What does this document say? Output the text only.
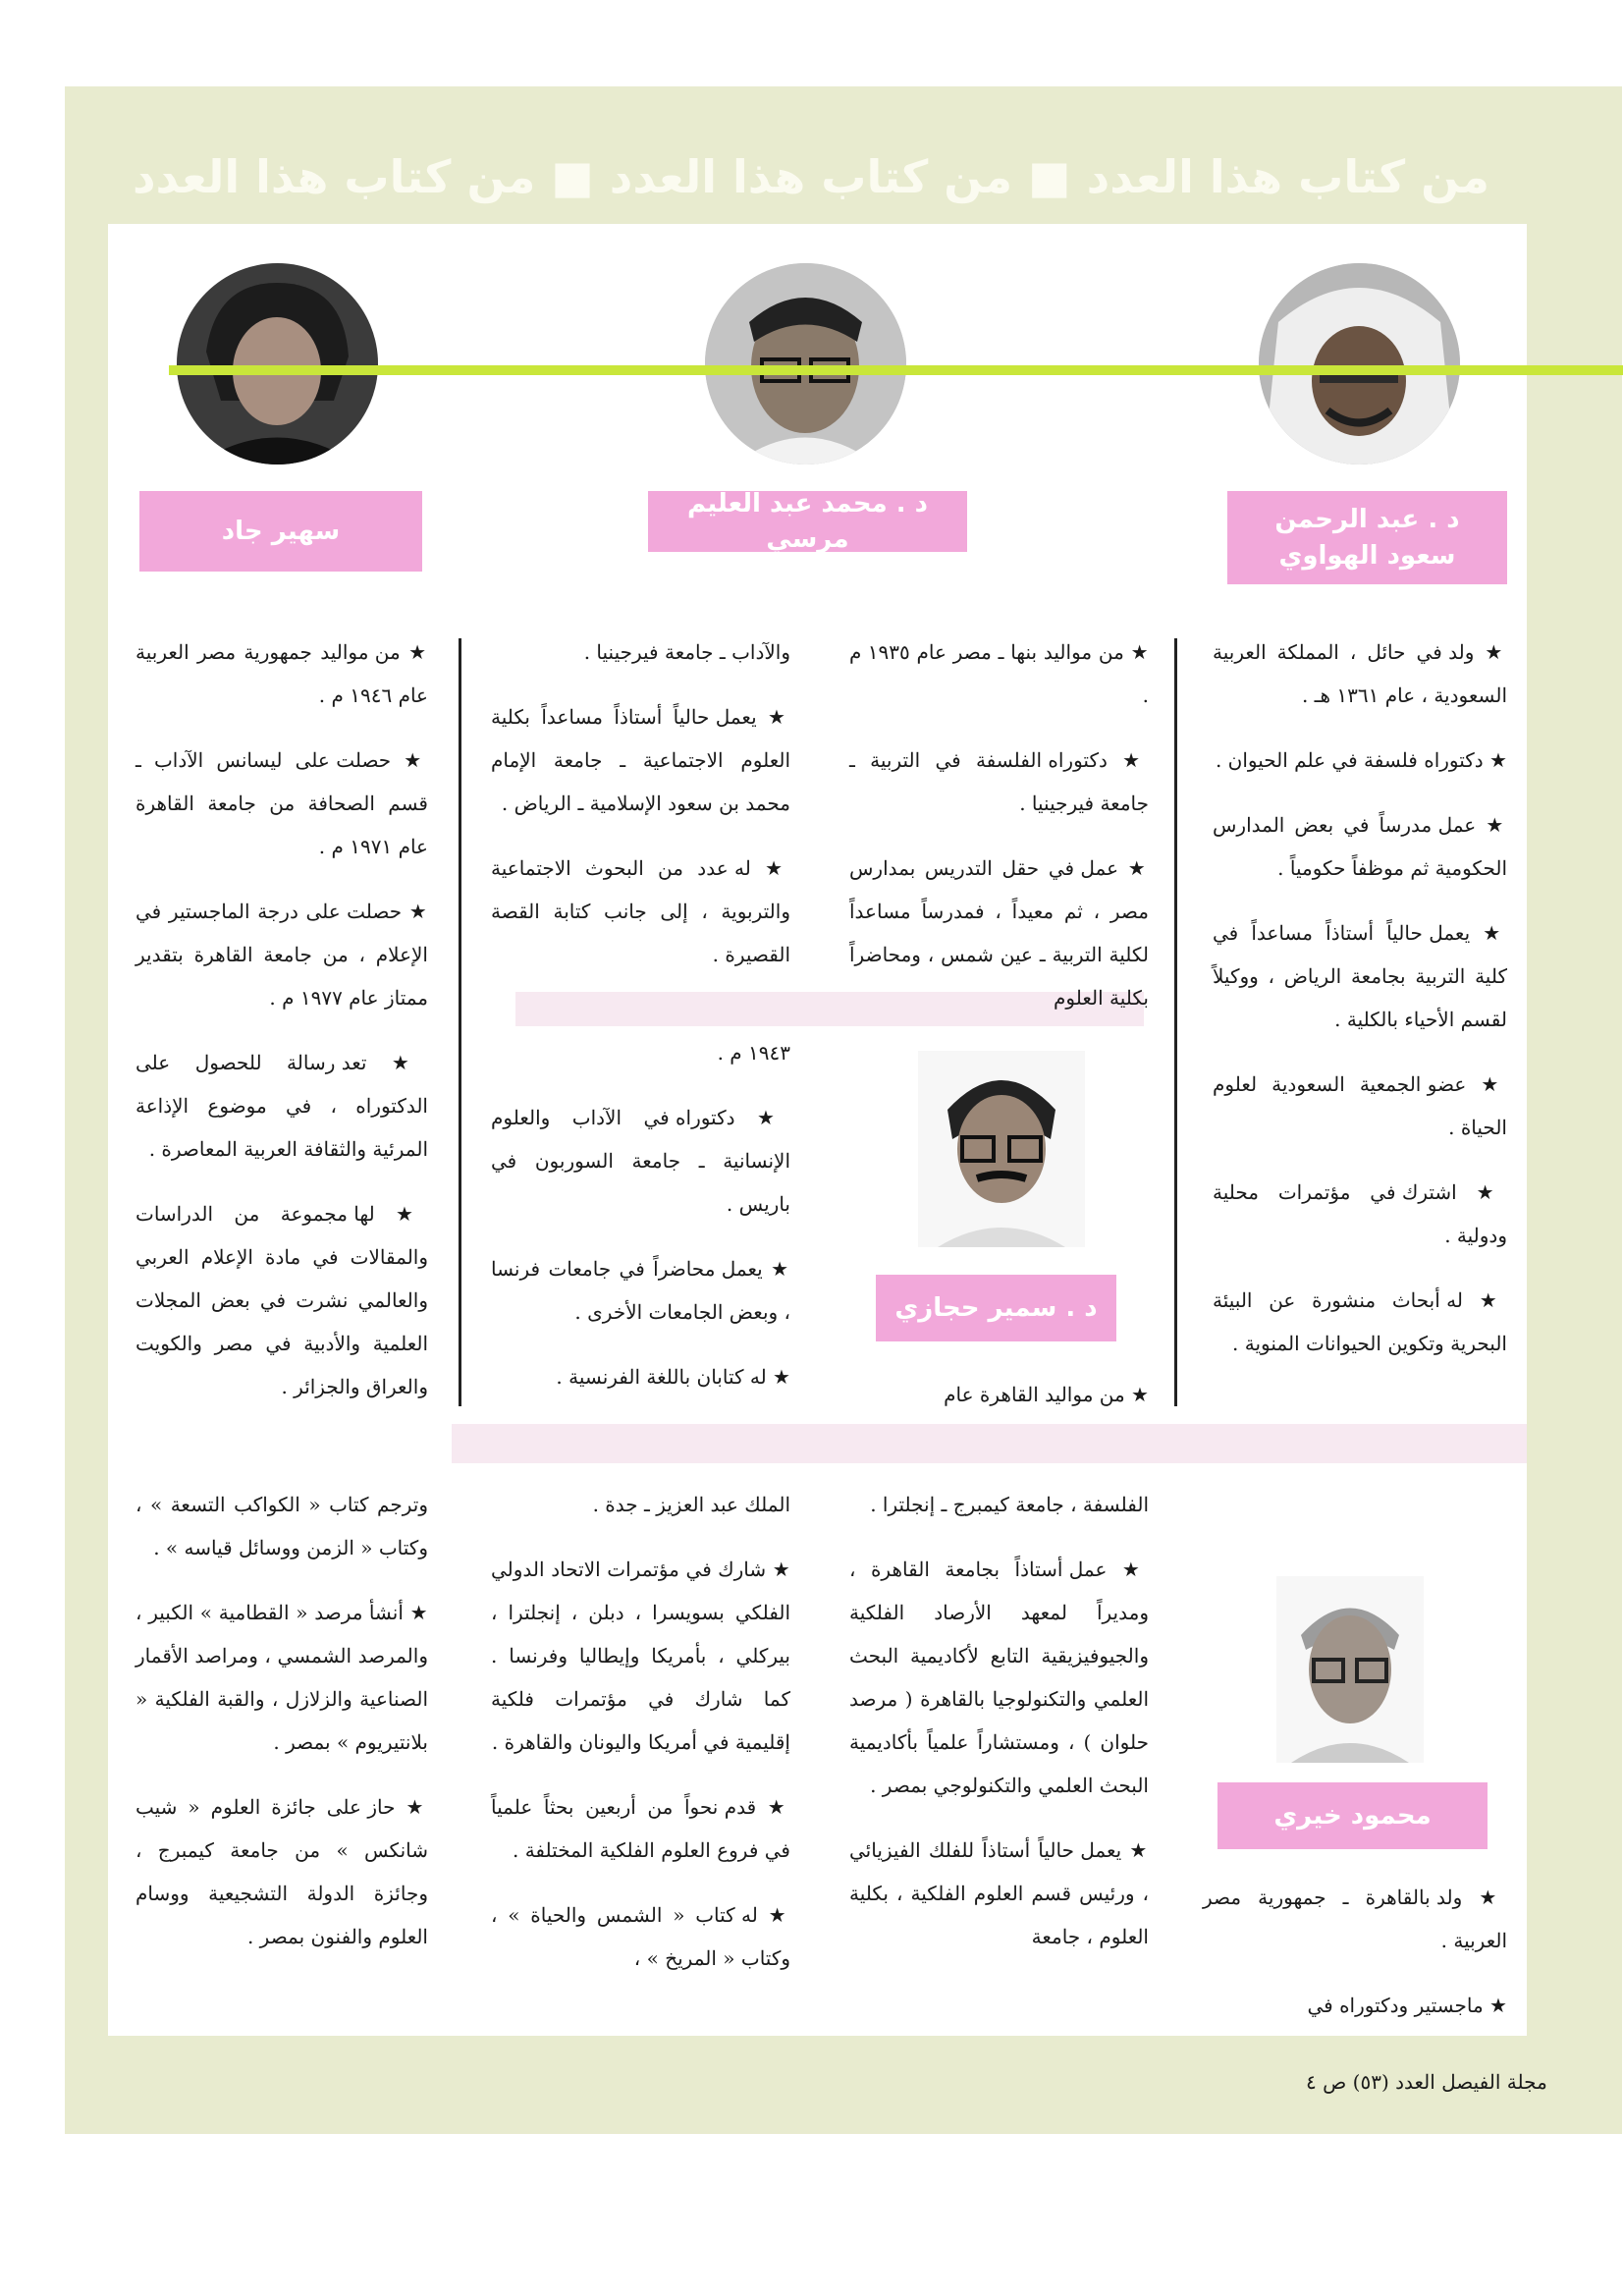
من كتاب هذا العدد ■ من كتاب هذا العدد ■ من كتاب هذا العدد
د . عبد الرحمن سعود الهواوي
د . محمد عبد العليم مرسي
سهير جاد
د . سمير حجازي
محمود خيري

★ ولد في حائل ، المملكة العربية السعودية ، عام ١٣٦١ هـ .

★ دكتوراه فلسفة في علم الحيوان .

★ عمل مدرساً في بعض المدارس الحكومية ثم موظفاً حكومياً .

★ يعمل حالياً أستاذاً مساعداً في كلية التربية بجامعة الرياض ، ووكيلاً لقسم الأحياء بالكلية .

★ عضو الجمعية السعودية لعلوم الحياة .

★ اشترك في مؤتمرات محلية ودولية .

★ له أبحاث منشورة عن البيئة البحرية وتكوين الحيوانات المنوية .

★ من مواليد بنها ـ مصر عام ١٩٣٥ م .

★ دكتوراه الفلسفة في التربية ـ جامعة فيرجينيا .

★ عمل في حقل التدريس بمدارس مصر ، ثم معيداً ، فمدرساً مساعداً لكلية التربية ـ عين شمس ، ومحاضراً بكلية العلوم

والآداب ـ جامعة فيرجينيا .

★ يعمل حالياً أستاذاً مساعداً بكلية العلوم الاجتماعية ـ جامعة الإمام محمد بن سعود الإسلامية ـ الرياض .

★ له عدد من البحوث الاجتماعية والتربوية ، إلى جانب كتابة القصة القصيرة .

★ من مواليد جمهورية مصر العربية عام ١٩٤٦ م .

★ حصلت على ليسانس الآداب ـ قسم الصحافة من جامعة القاهرة عام ١٩٧١ م .

★ حصلت على درجة الماجستير في الإعلام ، من جامعة القاهرة بتقدير ممتاز عام ١٩٧٧ م .

★ تعد رسالة للحصول على الدكتوراه ، في موضوع الإذاعة المرئية والثقافة العربية المعاصرة .

★ لها مجموعة من الدراسات والمقالات في مادة الإعلام العربي والعالمي نشرت في بعض المجلات العلمية والأدبية في مصر والكويت والعراق والجزائر .

★	من مواليد القاهرة عام

١٩٤٣ م .

★ دكتوراه في الآداب والعلوم الإنسانية ـ جامعة السوربون في باريس .

★ يعمل محاضراً في جامعات فرنسا ، وبعض الجامعات الأخرى .

★ له كتابان باللغة الفرنسية .

★ ولد بالقاهرة ـ جمهورية مصر العربية .

★ ماجستير ودكتوراه في

الفلسفة ، جامعة كيمبرج ـ إنجلترا .

★ عمل أستاذاً بجامعة القاهرة ، ومديراً لمعهد الأرصاد الفلكية والجيوفيزيقية التابع لأكاديمية البحث العلمي والتكنولوجيا بالقاهرة ( مرصد حلوان ) ، ومستشاراً علمياً بأكاديمية البحث العلمي والتكنولوجي بمصر .

★ يعمل حالياً أستاذاً للفلك الفيزيائي ، ورئيس قسم العلوم الفلكية ، بكلية العلوم ، جامعة

الملك عبد العزيز ـ جدة .

★ شارك في مؤتمرات الاتحاد الدولي الفلكي بسويسرا ، دبلن ، إنجلترا ، بيركلي ، بأمريكا وإيطاليا وفرنسا . كما شارك في مؤتمرات فلكية إقليمية في أمريكا واليونان والقاهرة .

★ قدم نحواً من أربعين بحثاً علمياً في فروع العلوم الفلكية المختلفة .

★ له كتاب « الشمس والحياة » ، وكتاب « المريخ » ،

وترجم كتاب « الكواكب التسعة » ، وكتاب « الزمن ووسائل قياسه » .

★ أنشأ مرصد « القطامية » الكبير ، والمرصد الشمسي ، ومراصد الأقمار الصناعية والزلازل ، والقبة الفلكية « بلانتيريوم » بمصر .

★ حاز على جائزة العلوم « شيب شانكس » من جامعة كيمبرج ، وجائزة الدولة التشجيعية ووسام العلوم والفنون بمصر .

مجلة الفيصل العدد (٥٣) ص ٤
